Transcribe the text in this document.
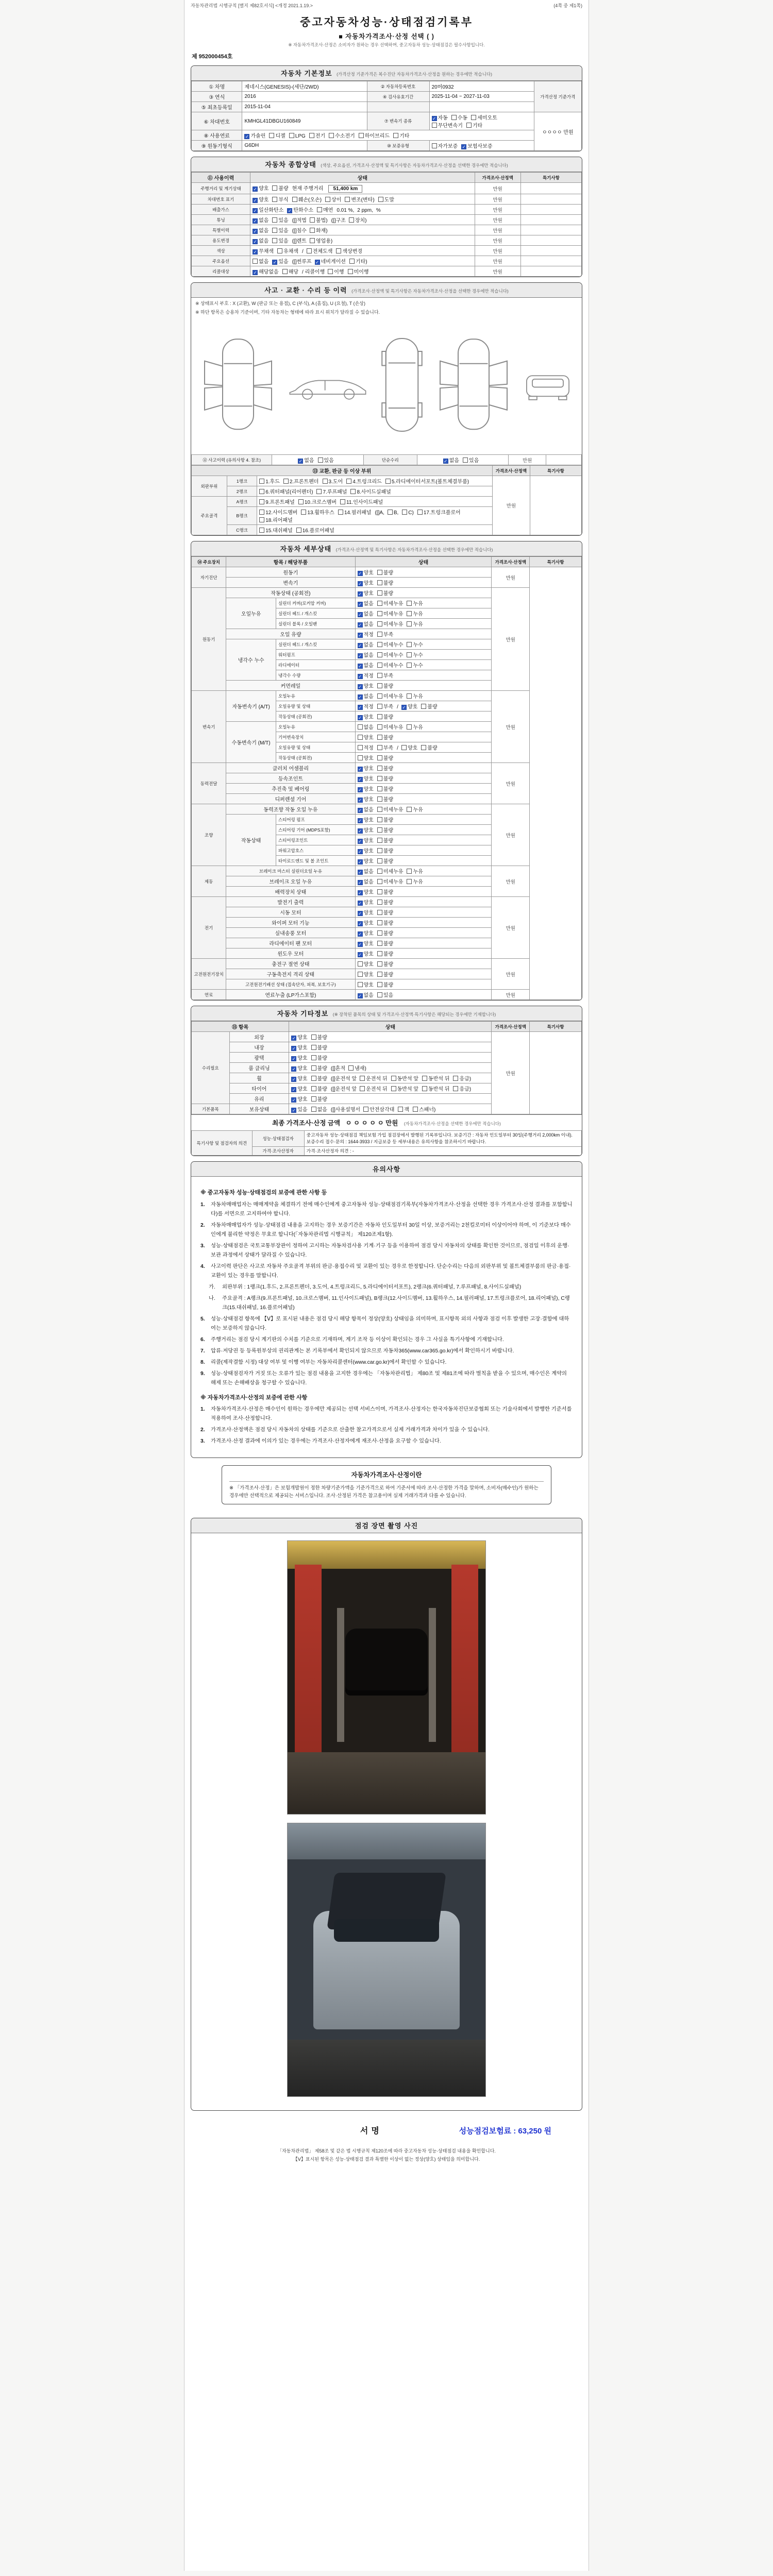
자동차관리법 시행규칙 [별지 제82호서식] <개정 2021.1.19.>	(4쪽 중 제1쪽)
중고자동차성능·상태점검기록부
■ 자동차가격조사·산정 선택 ( )
※ 자동차가격조사·산정은 소비자가 원하는 경우 선택하며, 중고자동차 성능·상태점검은 필수사항입니다.
제 952000454호
자동차 기본정보 (가격산정 기준가격은 복수진단 자동차가격조사·산정을 원하는 경우에만 적습니다)
① 차명	제네시스(GENESIS)-(세단/2WD)	② 자동차등록번호	20머0932	가격산정 기준가격
③ 연식	2016	④ 검사유효기간	2025-11-04 ~ 2027-11-03	
⑤ 최초등록일	2015-11-04			
⑥ 차대번호	KMHGL41DBGU160849	⑦ 변속기 종류	✓ 자동 수동 세미오토무단변속기 기타	ㅇㅇㅇㅇ 만원
⑧ 사용연료	✓ 가솔린 디젤 LPG 전기 수소전기 하이브리드 기타			
⑨ 원동기형식	G6DH	⑩ 보증유형	자가보증 ✓ 보험사보증	
자동차 종합상태 (색상, 주요옵션, 가격조사·산정액 및 특기사항은 자동차가격조사·산정을 선택한 경우에만 적습니다)
⑪ 사용이력	상태	가격조사·산정액	특기사항
주행거리 및 계기상태	✓ 양호 불량 현재 주행거리 51,400 km	만원	
차대번호 표기	✓ 양호 부식 훼손(오손) 상이 변조(변타) 도말	만원	
배출가스	✓ 일산화탄소 ✓ 탄화수소 매연 0.01 %, 2 ppm, %	만원	
튜닝	✓ 없음 있음 ([]적법 불법) ([]구조 장치)	만원	
특별이력	✓ 없음 있음 ([]침수 화재)	만원	
용도변경	✓ 없음 있음 ([]렌트 영업용)	만원	
색상	✓ 무채색 유채색 / 전체도색 색상변경	만원	
주요옵션	없음 ✓ 있음 ([]썬루프 ✓ 네비게이션 기타)	만원	
리콜대상	✓ 해당없음 해당 / 리콜이행 이행 미이행	만원	
사고 · 교환 · 수리 등 이력 (가격조사·산정액 및 특기사항은 자동차가격조사·산정을 선택한 경우에만 적습니다)
※ 상태표시 부호 : X (교환), W (판금 또는 용접), C (부식), A (흠집), U (요철), T (손상)
※ 하단 항목은 승용차 기준이며, 기타 자동차는 형태에 따라 표시 위치가 달라질 수 있습니다.
⑫ 사고이력 (유의사항 4. 참조)	✓ 없음 있음	단순수리	✓ 없음 있음	만원	
⑬ 교환, 판금 등 이상 부위			가격조사·산정액	특기사항
외판부위	1랭크	1.후드 2.프론트펜더 3.도어 4.트렁크리드 5.라디에이터서포트(볼트체결부품)	만원	
	2랭크	6.쿼터패널(리어펜더) 7.루프패널 8.사이드실패널		
주요골격	A랭크	9.프론트패널 10.크로스멤버 11.인사이드패널		
	B랭크	12.사이드멤버 13.휠하우스 14.필러패널 ([]A, B, C) 17.트렁크플로어18.리어패널		
	C랭크	15.대쉬패널 16.플로어패널		
자동차 세부상태 (가격조사·산정액 및 특기사항은 자동차가격조사·산정을 선택한 경우에만 적습니다)
⑭ 주요장치	항목 / 해당부품		상태	가격조사·산정액	특기사항
자기진단	원동기		✓ 양호 불량	만원	
	변속기		✓ 양호 불량		
원동기	작동상태 (공회전)		✓ 양호 불량	만원	
	오일누유	실린더 커버(로커암 커버)	✓ 없음 미세누유 누유		
		실린더 헤드 / 개스킷	✓ 없음 미세누유 누유		
		실린더 블록 / 오일팬	✓ 없음 미세누유 누유		
	오일 유량		✓ 적정 부족		
	냉각수 누수	실린더 헤드 / 개스킷	✓ 없음 미세누수 누수		
		워터펌프	✓ 없음 미세누수 누수		
		라디에이터	✓ 없음 미세누수 누수		
		냉각수 수량	✓ 적정 부족		
	커먼레일		✓ 양호 불량		
변속기	자동변속기 (A/T)	오일누유	✓ 없음 미세누유 누유	만원	
		오일유량 및 상태	✓ 적정 부족 / ✓ 양호 불량		
		작동상태 (공회전)	✓ 양호 불량		
	수동변속기 (M/T)	오일누유	없음 미세누유 누유		
		기어변속장치	양호 불량		
		오일유량 및 상태	적정 부족 / 양호 불량		
		작동상태 (공회전)	양호 불량		
동력전달	클러치 어셈블리		✓ 양호 불량	만원	
	등속조인트		✓ 양호 불량		
	추진축 및 베어링		✓ 양호 불량		
	디퍼렌셜 기어		✓ 양호 불량		
조향	동력조향 작동 오일 누유		✓ 없음 미세누유 누유	만원	
	작동상태	스티어링 펌프	✓ 양호 불량		
		스티어링 기어 (MDPS포함)	✓ 양호 불량		
		스티어링조인트	✓ 양호 불량		
		파워고압호스	✓ 양호 불량		
		타이로드엔드 및 볼 조인트	✓ 양호 불량		
제동	브레이크 마스터 실린더오일 누유		✓ 없음 미세누유 누유	만원	
	브레이크 오일 누유		✓ 없음 미세누유 누유		
	배력장치 상태		✓ 양호 불량		
전기	발전기 출력		✓ 양호 불량	만원	
	시동 모터		✓ 양호 불량		
	와이퍼 모터 기능		✓ 양호 불량		
	실내송풍 모터		✓ 양호 불량		
	라디에이터 팬 모터		✓ 양호 불량		
	윈도우 모터		✓ 양호 불량		
고전원전기장치	충전구 절연 상태		양호 불량	만원	
	구동축전지 격리 상태		양호 불량		
	고전원전기배선 상태 (접속단자, 피복, 보호기구)		양호 불량		
연료	연료누출 (LP가스포함)		✓ 없음 있음	만원	
자동차 기타정보 (※ 장착된 품목의 상태 및 가격조사·산정액·특기사항은 해당되는 경우에만 기재합니다)
⑮ 항목		상태	가격조사·산정액	특기사항
수리필요	외장	✓ 양호 불량	만원	
	내장	✓ 양호 불량		
	광택	✓ 양호 불량		
	룸 클리닝	✓ 양호 불량 ([]흔적 냄새)		
	휠	✓ 양호 불량 ([]운전석 앞 운전석 뒤 동반석 앞 동반석 뒤 응급)		
	타이어	✓ 양호 불량 ([]운전석 앞 운전석 뒤 동반석 앞 동반석 뒤 응급)		
	유리	✓ 양호 불량		
기본품목	보유상태	✓ 있음 없음 ([]사용설명서 안전삼각대 잭 스패너)		
최종 가격조사·산정 금액 ㅇ ㅇ ㅇ ㅇ ㅇ 만원 (자동차가격조사·산정을 선택한 경우에만 적습니다)
특기사항 및 점검자의 의견	성능·상태점검자	중고자동차 성능·상태점검 책임보험 가입 점검장에서 발행된 기록부입니다. 보증기간 : 자동차 인도일부터 30일(주행거리 2,000km 이내). 보증수리 접수·문의 : 1644-3933 / 지급보증 등 세부내용은 유의사항을 참조하시기 바랍니다.
	가격·조사산정자	가격·조사산정자 의견 : -
유의사항
※ 중고자동차 성능·상태점검의 보증에 관한 사항 등
1.	자동차매매업자는 매매계약을 체결하기 전에 매수인에게 중고자동차 성능·상태점검기록부(자동차가격조사·산정을 선택한 경우 가격조사·산정 결과를 포함합니다)를 서면으로 고지하여야 합니다.
2.	자동차매매업자가 성능·상태점검 내용을 고지하는 경우 보증기간은 자동차 인도일부터 30일 이상, 보증거리는 2천킬로미터 이상이어야 하며, 이 기준보다 매수인에게 불리한 약정은 무효로 합니다(「자동차관리법 시행규칙」 제120조제1항).
3.	성능·상태점검은 국토교통부장관이 정하여 고시하는 자동차검사용 기계·기구 등을 이용하여 점검 당시 자동차의 상태를 확인한 것이므로, 점검일 이후의 운행·보관 과정에서 상태가 달라질 수 있습니다.
4.	사고이력 판단은 사고로 자동차 주요골격 부위의 판금·용접수리 및 교환이 있는 경우로 한정합니다. 단순수리는 다음의 외판부위 및 볼트체결부품의 판금·용접·교환이 있는 경우를 말합니다.
가.	외판부위 : 1랭크(1.후드, 2.프론트펜더, 3.도어, 4.트렁크리드, 5.라디에이터서포트), 2랭크(6.쿼터패널, 7.루프패널, 8.사이드실패널)
나.	주요골격 : A랭크(9.프론트패널, 10.크로스멤버, 11.인사이드패널), B랭크(12.사이드멤버, 13.휠하우스, 14.필러패널, 17.트렁크플로어, 18.리어패널), C랭크(15.대쉬패널, 16.플로어패널)
5.	성능·상태점검 항목에 【Ⅴ】로 표시된 내용은 점검 당시 해당 항목이 정상(양호) 상태임을 의미하며, 표시항목 외의 사항과 점검 이후 발생한 고장·결함에 대하여는 보증하지 않습니다.
6.	주행거리는 점검 당시 계기판의 수치를 기준으로 기재하며, 계기 조작 등 이상이 확인되는 경우 그 사실을 특기사항에 기재합니다.
7.	압류·저당권 등 등록원부상의 권리관계는 본 기록부에서 확인되지 않으므로 자동차365(www.car365.go.kr)에서 확인하시기 바랍니다.
8.	리콜(제작결함 시정) 대상 여부 및 이행 여부는 자동차리콜센터(www.car.go.kr)에서 확인할 수 있습니다.
9.	성능·상태점검자가 거짓 또는 오류가 있는 점검 내용을 고지한 경우에는 「자동차관리법」 제80조 및 제81조에 따라 벌칙을 받을 수 있으며, 매수인은 계약의 해제 또는 손해배상을 청구할 수 있습니다.
※ 자동차가격조사·산정의 보증에 관한 사항
1.	자동차가격조사·산정은 매수인이 원하는 경우에만 제공되는 선택 서비스이며, 가격조사·산정자는 한국자동차진단보증협회 또는 기술사회에서 발행한 기준서를 적용하여 조사·산정합니다.
2.	가격조사·산정액은 점검 당시 자동차의 상태를 기준으로 산출한 참고가격으로서 실제 거래가격과 차이가 있을 수 있습니다.
3.	가격조사·산정 결과에 이의가 있는 경우에는 가격조사·산정자에게 재조사·산정을 요구할 수 있습니다.
자동차가격조사·산정이란
※ 「가격조사·산정」은 보험개발원이 정한 차량기준가액을 기준가격으로 하여 기준서에 따라 조사·산정한 가격을 말하며, 소비자(매수인)가 원하는 경우에만 선택적으로 제공되는 서비스입니다. 조사·산정된 가격은 참고용이며 실제 거래가격과 다를 수 있습니다.
점검 장면 촬영 사진
서명	성능점검보험료 : 63,250 원
「자동차관리법」 제58조 및 같은 법 시행규칙 제120조에 따라 중고자동차 성능·상태점검 내용을 확인합니다.
【Ⅴ】표시된 항목은 성능·상태점검 결과 특별한 이상이 없는 정상(양호) 상태임을 의미합니다.
